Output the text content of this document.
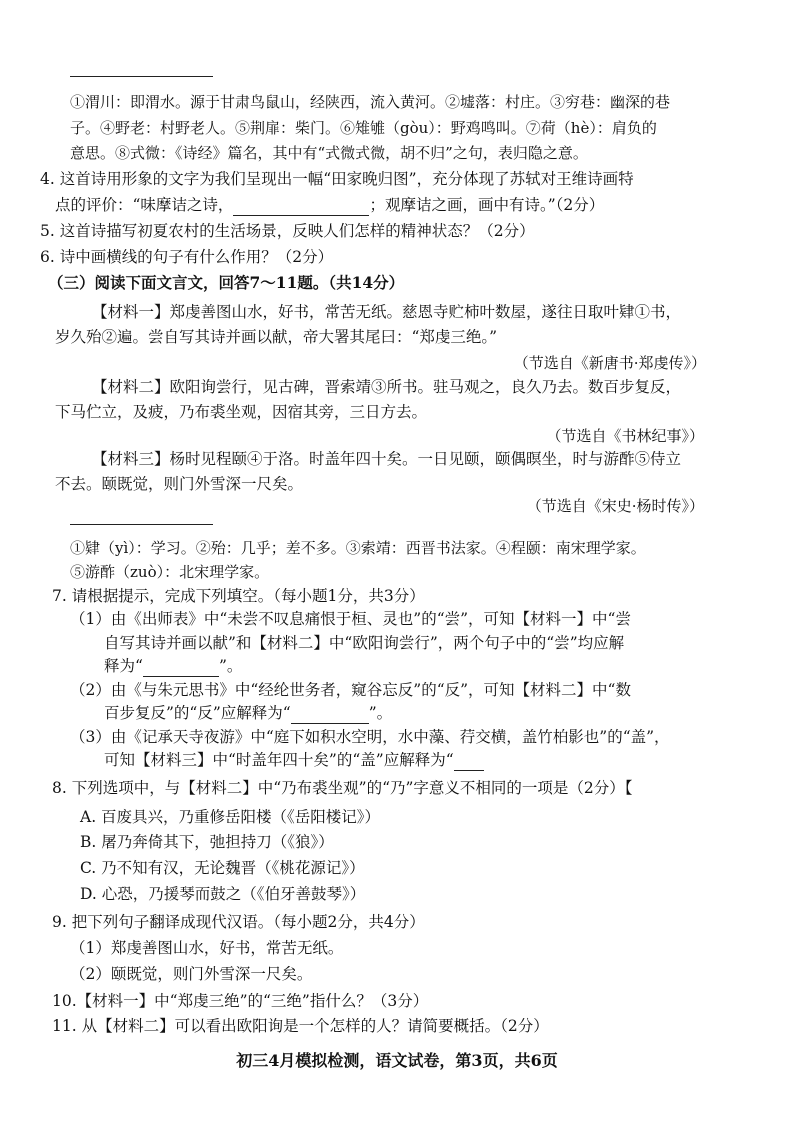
①渭川：即渭水。源于甘肃鸟鼠山，经陕西，流入黄河。②墟落：村庄。③穷巷：幽深的巷
子。④野老：村野老人。⑤荆扉：柴门。⑥雉雊（gòu）：野鸡鸣叫。⑦荷（hè）：肩负的
意思。⑧式微：《诗经》篇名，其中有“式微式微，胡不归”之句，表归隐之意。
4. 这首诗用形象的文字为我们呈现出一幅“田家晚归图”，充分体现了苏轼对王维诗画特
点的评价：“味摩诘之诗，	；观摩诘之画，画中有诗。”（2分）
5. 这首诗描写初夏农村的生活场景，反映人们怎样的精神状态？（2分）
6. 诗中画横线的句子有什么作用？（2分）
（三）阅读下面文言文，回答7～11题。（共14分）
【材料一】郑虔善图山水，好书，常苦无纸。慈恩寺贮柿叶数屋，遂往日取叶肄①书，
岁久殆②遍。尝自写其诗并画以献，帝大署其尾曰：“郑虔三绝。”
（节选自《新唐书·郑虔传》）
【材料二】欧阳询尝行，见古碑，晋索靖③所书。驻马观之，良久乃去。数百步复反，
下马伫立，及疲，乃布裘坐观，因宿其旁，三日方去。
（节选自《书林纪事》）
【材料三】杨时见程颐④于洛。时盖年四十矣。一日见颐，颐偶暝坐，时与游酢⑤侍立
不去。颐既觉，则门外雪深一尺矣。
（节选自《宋史·杨时传》）
①肄（yì）：学习。②殆：几乎；差不多。③索靖：西晋书法家。④程颐：南宋理学家。
⑤游酢（zuò）：北宋理学家。
7. 请根据提示，完成下列填空。（每小题1分，共3分）
（1）由《出师表》中“未尝不叹息痛恨于桓、灵也”的“尝”，可知【材料一】中“尝
自写其诗并画以献”和【材料二】中“欧阳询尝行”，两个句子中的“尝”均应解
释为“	”。
（2）由《与朱元思书》中“经纶世务者，窥谷忘反”的“反”，可知【材料二】中“数
百步复反”的“反”应解释为“	”。
（3）由《记承天寺夜游》中“庭下如积水空明，水中藻、荇交横，盖竹柏影也”的“盖”，
可知【材料三】中“时盖年四十矣”的“盖”应解释为“
8. 下列选项中，与【材料二】中“乃布裘坐观”的“乃”字意义不相同的一项是（2分）【
A. 百废具兴，乃重修岳阳楼（《岳阳楼记》）
B. 屠乃奔倚其下，弛担持刀（《狼》）
C. 乃不知有汉，无论魏晋（《桃花源记》）
D. 心恐，乃援琴而鼓之（《伯牙善鼓琴》）
9. 把下列句子翻译成现代汉语。（每小题2分，共4分）
（1）郑虔善图山水，好书，常苦无纸。
（2）颐既觉，则门外雪深一尺矣。
10.【材料一】中“郑虔三绝”的“三绝”指什么？（3分）
11. 从【材料二】可以看出欧阳询是一个怎样的人？请简要概括。（2分）
初三4月模拟检测，语文试卷，第3页，共6页
